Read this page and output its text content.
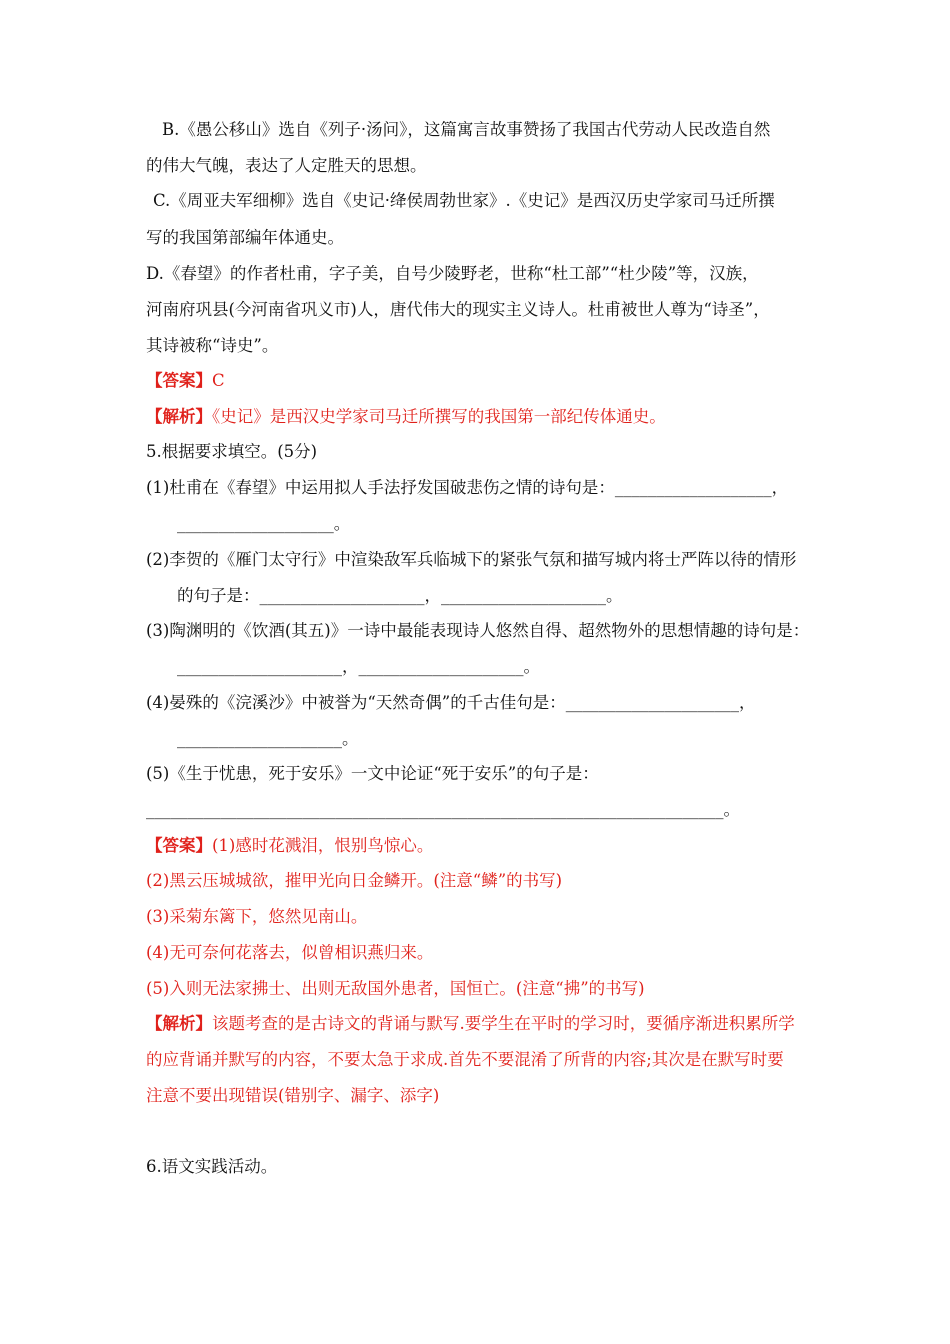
B.《愚公移山》选自《列子·汤问》，这篇寓言故事赞扬了我国古代劳动人民改造自然
的伟大气魄，表达了人定胜天的思想。
C.《周亚夫军细柳》选自《史记·绛侯周勃世家》.《史记》是西汉历史学家司马迁所撰
写的我国第部编年体通史。
D.《春望》的作者杜甫，字子美，自号少陵野老，世称“杜工部”“杜少陵”等，汉族，
河南府巩县(今河南省巩义市)人，唐代伟大的现实主义诗人。杜甫被世人尊为“诗圣”，
其诗被称“诗史”。
【答案】C
【解析】《史记》是西汉史学家司马迁所撰写的我国第一部纪传体通史。
5.根据要求填空。(5分)
(1)杜甫在《春望》中运用拟人手法抒发国破悲伤之情的诗句是：___________________，
___________________。
(2)李贺的《雁门太守行》中渲染敌军兵临城下的紧张气氛和描写城内将士严阵以待的情形
的句子是：____________________，____________________。
(3)陶渊明的《饮酒(其五)》一诗中最能表现诗人悠然自得、超然物外的思想情趣的诗句是：
____________________，____________________。
(4)晏殊的《浣溪沙》中被誉为“天然奇偶”的千古佳句是：_____________________，
____________________。
(5)《生于忧患，死于安乐》一文中论证“死于安乐”的句子是：
______________________________________________________________________。
【答案】(1)感时花溅泪，恨别鸟惊心。
(2)黑云压城城欲，摧甲光向日金鳞开。(注意“鳞”的书写)
(3)采菊东篱下，悠然见南山。
(4)无可奈何花落去，似曾相识燕归来。
(5)入则无法家拂士、出则无敌国外患者，国恒亡。(注意“拂”的书写)
【解析】该题考查的是古诗文的背诵与默写.要学生在平时的学习时，要循序渐进积累所学
的应背诵并默写的内容，不要太急于求成.首先不要混淆了所背的内容;其次是在默写时要
注意不要出现错误(错别字、漏字、添字)
6.语文实践活动。
